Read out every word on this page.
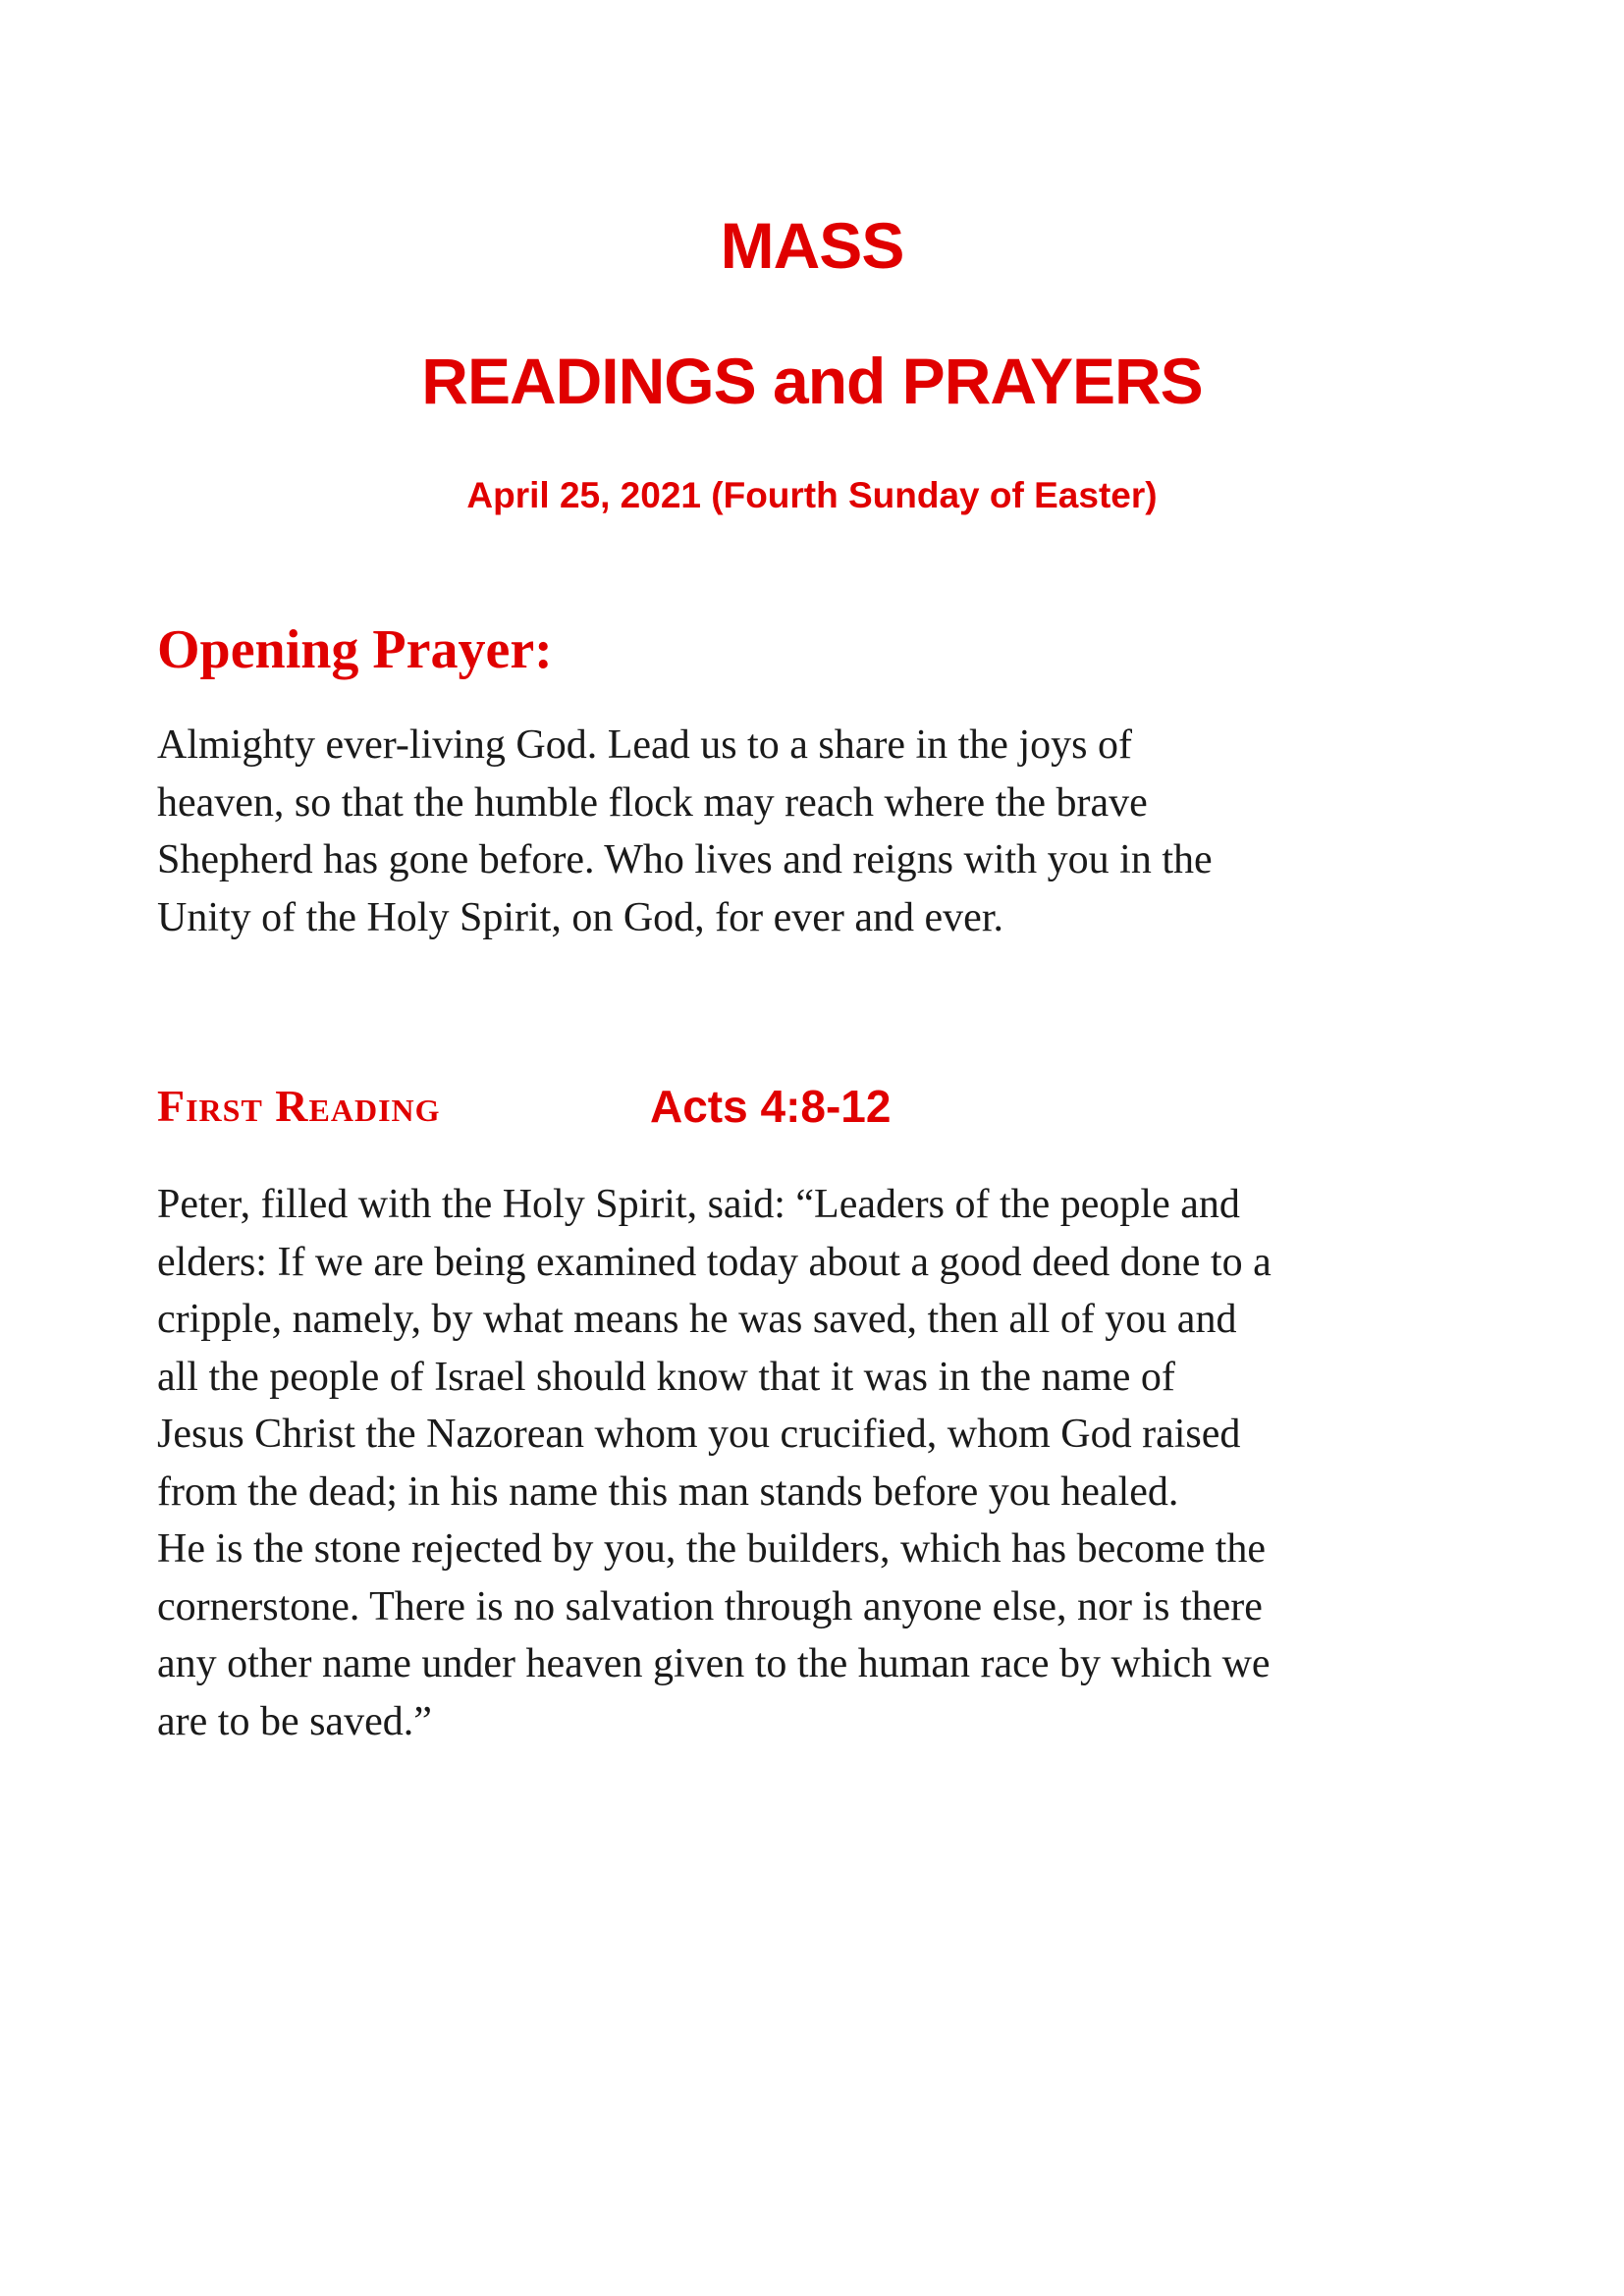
MASS
READINGS and PRAYERS
April 25, 2021 (Fourth Sunday of Easter)
Opening Prayer:

Almighty ever-living God. Lead us to a share in the joys of
heaven, so that the humble flock may reach where the brave
Shepherd has gone before. Who lives and reigns with you in the
Unity of the Holy Spirit, on God, for ever and ever.

First Reading	Acts 4:8-12

Peter, filled with the Holy Spirit, said: “Leaders of the people and
elders: If we are being examined today about a good deed done to a
cripple, namely, by what means he was saved, then all of you and
all the people of Israel should know that it was in the name of
Jesus Christ the Nazorean whom you crucified, whom God raised
from the dead; in his name this man stands before you healed.
He is the stone rejected by you, the builders, which has become the
cornerstone. There is no salvation through anyone else, nor is there
any other name under heaven given to the human race by which we
are to be saved.”
